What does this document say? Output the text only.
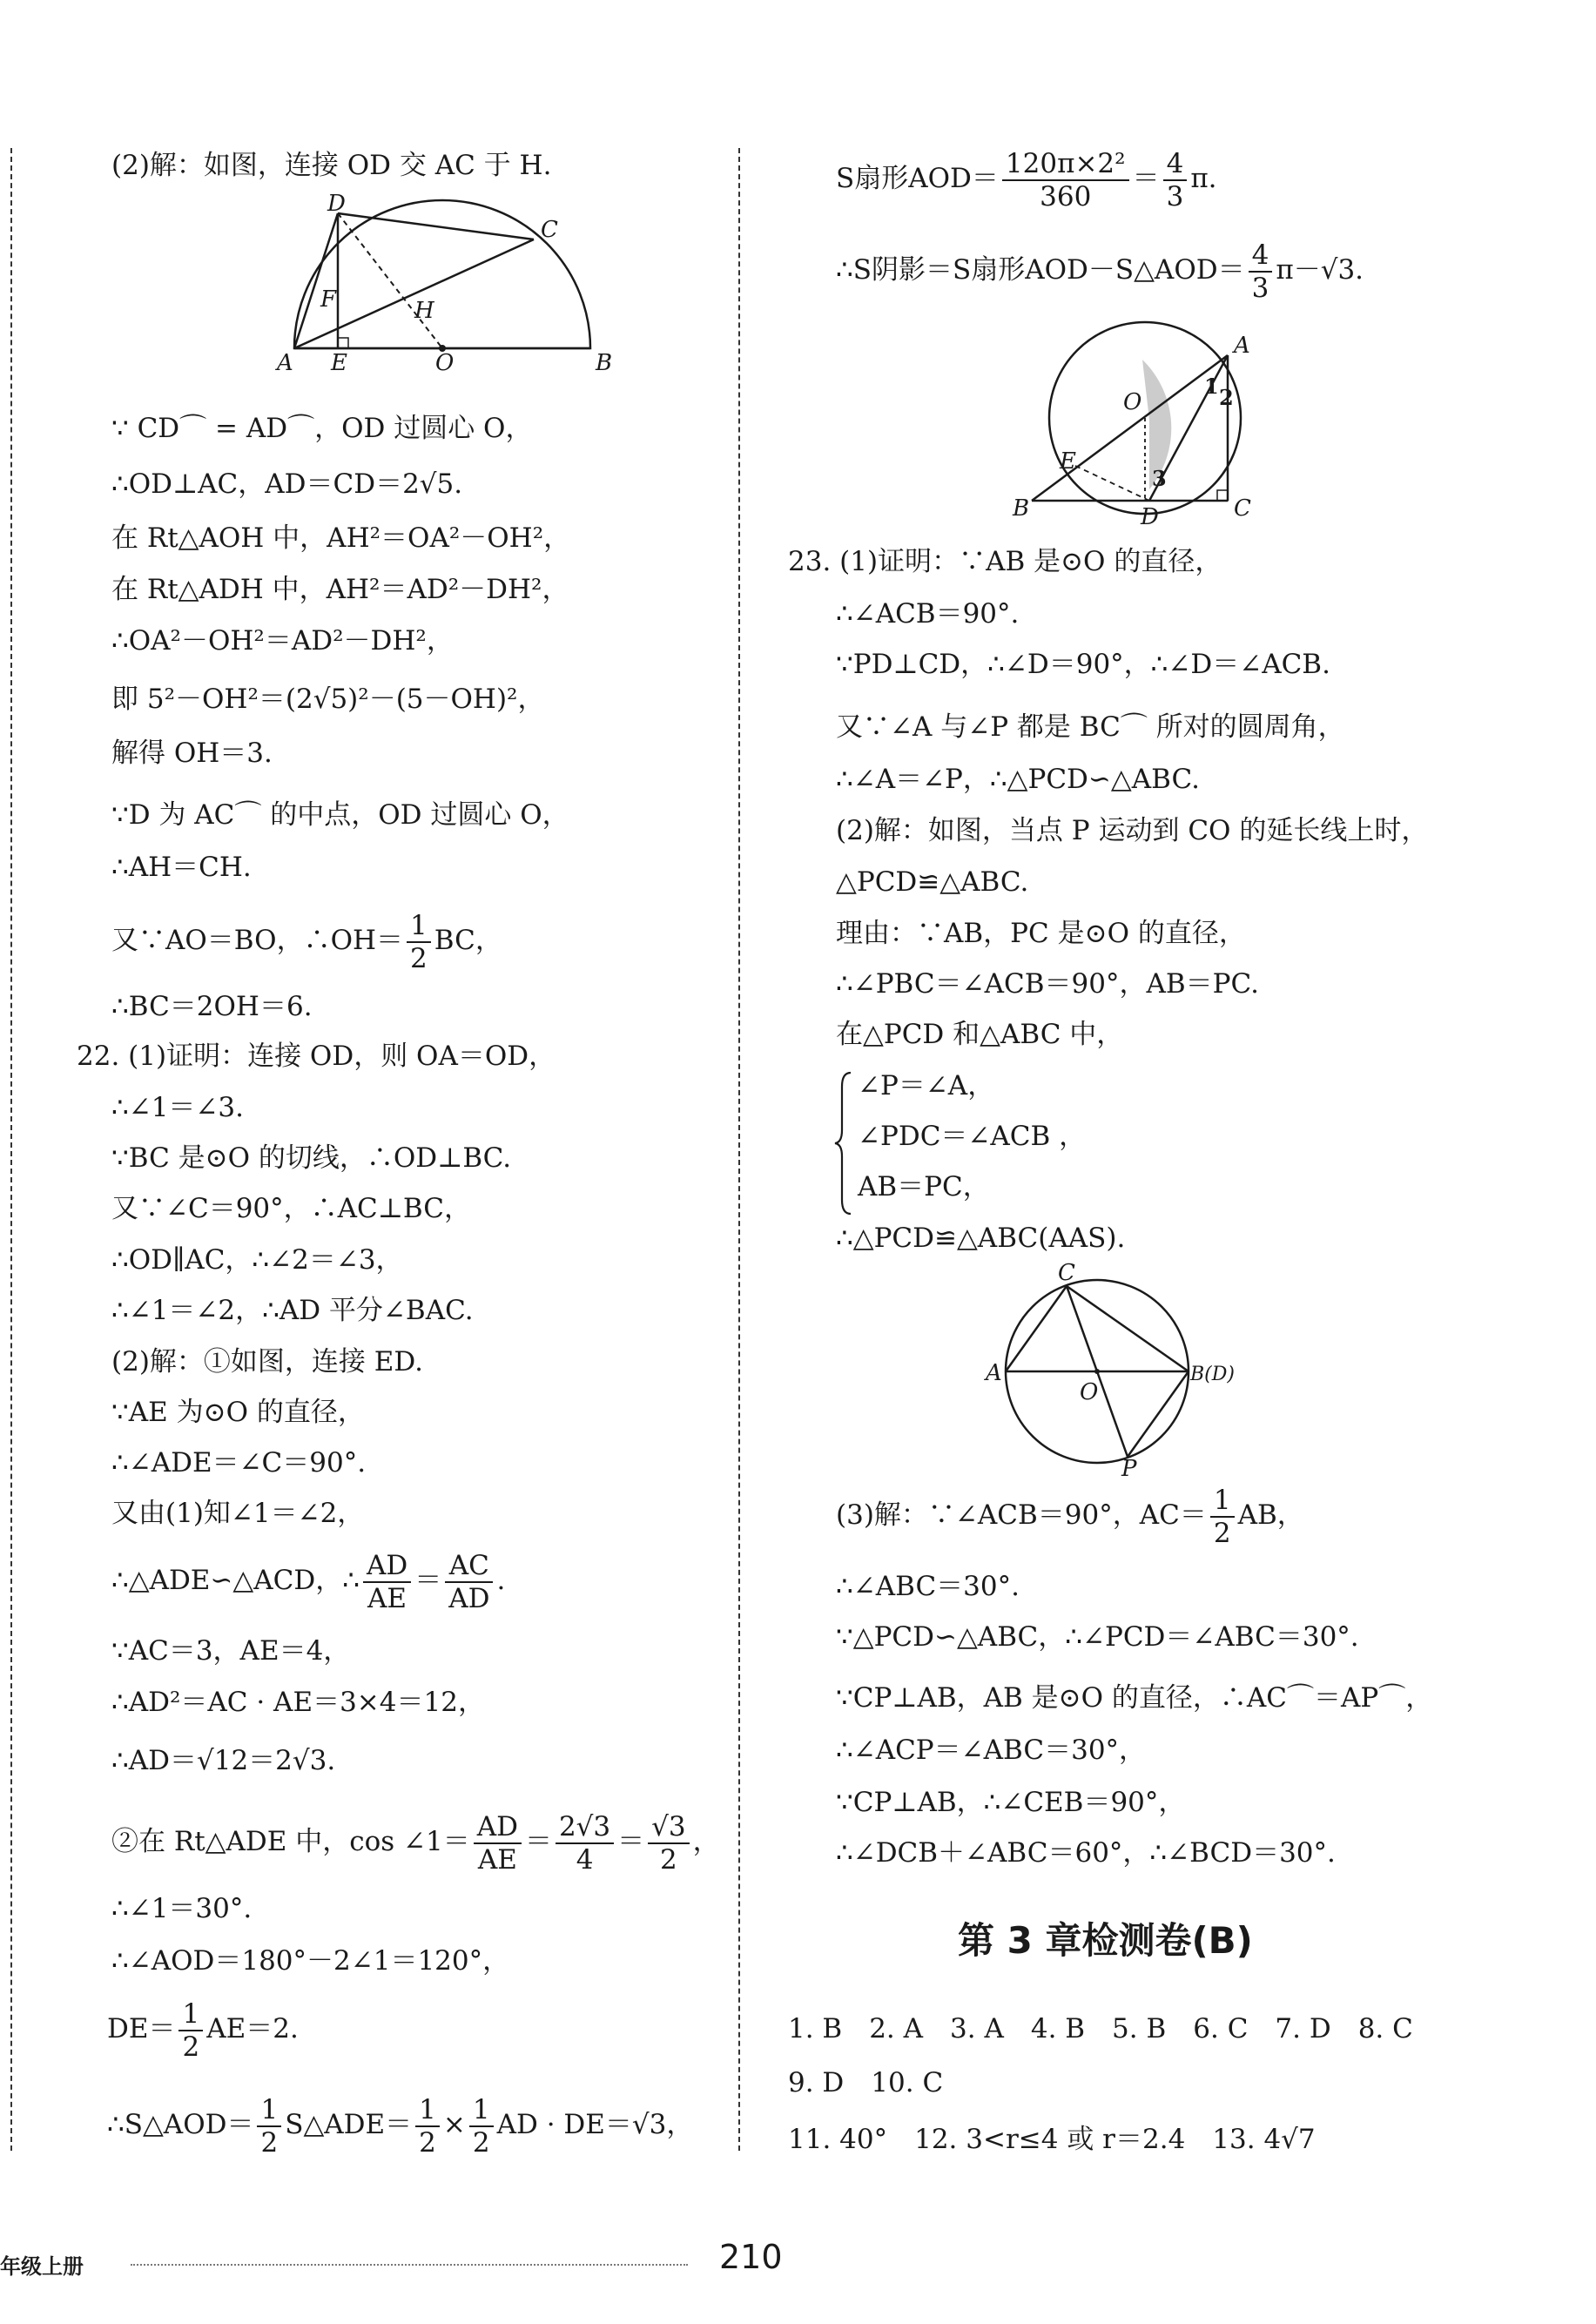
(2)解：如图，连接 OD 交 AC 于 H.
A E	O	B
D
C
F	H
∵ CD⌒ = AD⌒，OD 过圆心 O，
∴OD⊥AC，AD＝CD＝2√5.
在 Rt△AOH 中，AH²＝OA²－OH²，
在 Rt△ADH 中，AH²＝AD²－DH²，
∴OA²－OH²＝AD²－DH²，
即 5²－OH²＝(2√5)²－(5－OH)²，
解得 OH＝3.
∵D 为 AC⌒ 的中点，OD 过圆心 O，
∴AH＝CH.
又∵AO＝BO，∴OH＝ $\frac{1}{2}$ BC，
∴BC＝2OH＝6.
22. (1)证明：连接 OD，则 OA＝OD，
∴∠1＝∠3.
∵BC 是⊙O 的切线，∴OD⊥BC.
又∵∠C＝90°，∴AC⊥BC，
∴OD∥AC，∴∠2＝∠3，
∴∠1＝∠2，∴AD 平分∠BAC.
(2)解：①如图，连接 ED.
∵AE 为⊙O 的直径，
∴∠ADE＝∠C＝90°.
又由(1)知∠1＝∠2，
∴△ADE∽△ACD，∴ $\frac{AD}{AE} = \frac{AC}{AD}$ .
∵AC＝3，AE＝4，
∴AD²＝AC · AE＝3×4＝12，
∴AD＝√12＝2√3.
②在 Rt△ADE 中，cos ∠1＝ $\frac{AD}{AE} = \frac{2√3}{4} = \frac{√3}{2}$ ，
∴∠1＝30°.
∴∠AOD＝180°－2∠1＝120°，
$DE= \frac{1}{2} AE=2$.
∴S△AOD＝ $\frac{1}{2}$ S△ADE＝ $\frac{1}{2} \times \frac{1}{2}$ AD · DE＝√3，
S扇形$AOD= \frac{\text{120π×2²}}{360} = \frac{4}{3} \pi$.
∴S阴影＝S扇形AOD－S△AOD＝ $\frac{4}{3} \pi-√3$.
A
O
E
B	D	C
1 2
3
23. (1)证明：∵AB 是⊙O 的直径，
∴∠ACB＝90°.
∵PD⊥CD，∴∠D＝90°，∴∠D＝∠ACB.
又∵∠A 与∠P 都是 BC⌒ 所对的圆周角，
∴∠A＝∠P，∴△PCD∽△ABC.
(2)解：如图，当点 P 运动到 CO 的延长线上时，
△PCD≌△ABC.
理由：∵AB，PC 是⊙O 的直径，
∴∠PBC＝∠ACB＝90°，AB＝PC.
在△PCD 和△ABC 中，
∠P＝∠A，
∠PDC＝∠ACB ，
AB＝PC，
∴△PCD≌△ABC(AAS).
A
O
B(D)
C
P
(3)解：∵∠ACB＝90°，$AC= \frac{1}{2}$ AB，
∴∠ABC＝30°.
∵△PCD∽△ABC，∴∠PCD＝∠ABC＝30°.
∵CP⊥AB，AB 是⊙O 的直径，∴AC⌒＝AP⌒，
∴∠ACP＝∠ABC＝30°，
∵CP⊥AB，∴∠CEB＝90°，
∴∠DCB＋∠ABC＝60°，∴∠BCD＝30°.
1. B　2. A　3. A　4. B　5. B　6. C　7. D　8. C
9. D　10. C
11. 40°　12. 3<r≤4 或 r＝2.4　13. 4√7
第 3 章检测卷(B)
年级上册	210
